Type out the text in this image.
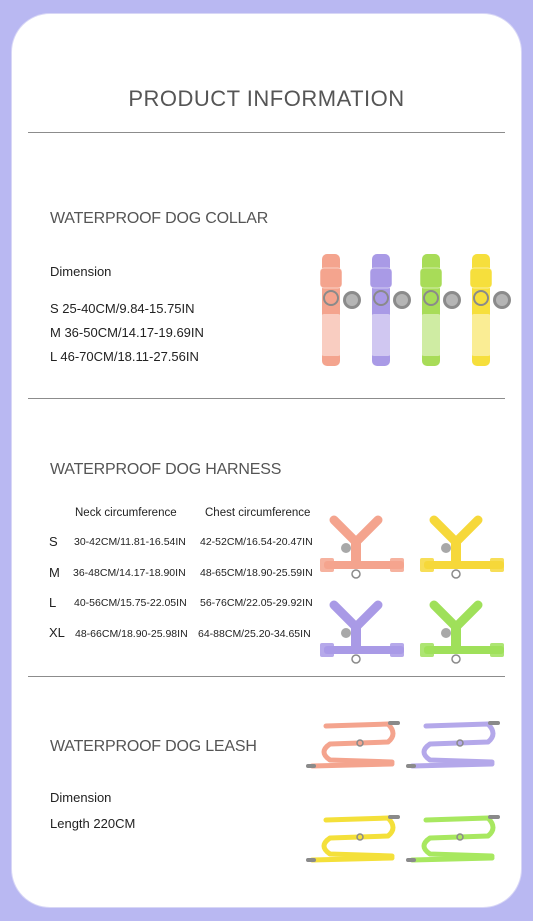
PRODUCT INFORMATION
WATERPROOF DOG COLLAR
Dimension
S 25-40CM/9.84-15.75IN
M 36-50CM/14.17-19.69IN
L 46-70CM/18.11-27.56IN
WATERPROOF DOG HARNESS
Neck circumference Chest circumference
S 30-42CM/11.81-16.54IN 42-52CM/16.54-20.47IN
M 36-48CM/14.17-18.90IN 48-65CM/18.90-25.59IN
L 40-56CM/15.75-22.05IN 56-76CM/22.05-29.92IN
XL 48-66CM/18.90-25.98IN 64-88CM/25.20-34.65IN
WATERPROOF DOG LEASH
Dimension
Length 220CM
